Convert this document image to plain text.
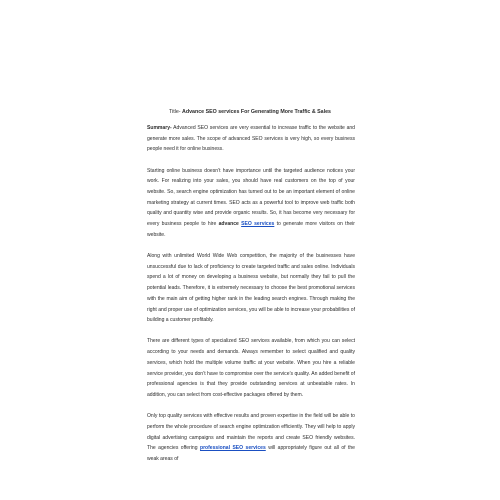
Title- Advance SEO services For Generating More Traffic & Sales

Summary- Advanced SEO services are very essential to increase traffic to the website and generate more sales. The scope of advanced SEO services is very high, so every business people need it for online business.

Starting online business doesn’t have importance until the targeted audience notices your work. For realizing into your sales, you should have real customers on the top of your website. So, search engine optimization has turned out to be an important element of online marketing strategy at current times. SEO acts as a powerful tool to improve web traffic both quality and quantity wise and provide organic results. So, it has become very necessary for every business people to hire advance SEO services to generate more visitors on their website.

Along with unlimited World Wide Web competition, the majority of the businesses have unsuccessful due to lack of proficiency to create targeted traffic and sales online. Individuals spend a lot of money on developing a business website, but normally they fail to pull the potential leads. Therefore, it is extremely necessary to choose the best promotional services with the main aim of getting higher rank in the leading search engines. Through making the right and proper use of optimization services, you will be able to increase your probabilities of building a customer profitably.

There are different types of specialized SEO services available, from which you can select according to your needs and demands. Always remember to select qualified and quality services, which hold the multiple volume traffic at your website. When you hire a reliable service provider, you don’t have to compromise over the service’s quality. An added benefit of professional agencies is that they provide outstanding services at unbeatable rates. In addition, you can select from cost-effective packages offered by them.

Only top quality services with effective results and proven expertise in the field will be able to perform the whole procedure of search engine optimization efficiently. They will help to apply digital advertising campaigns and maintain the reports and create SEO friendly websites. The agencies offering professional SEO services will appropriately figure out all of the weak areas of
